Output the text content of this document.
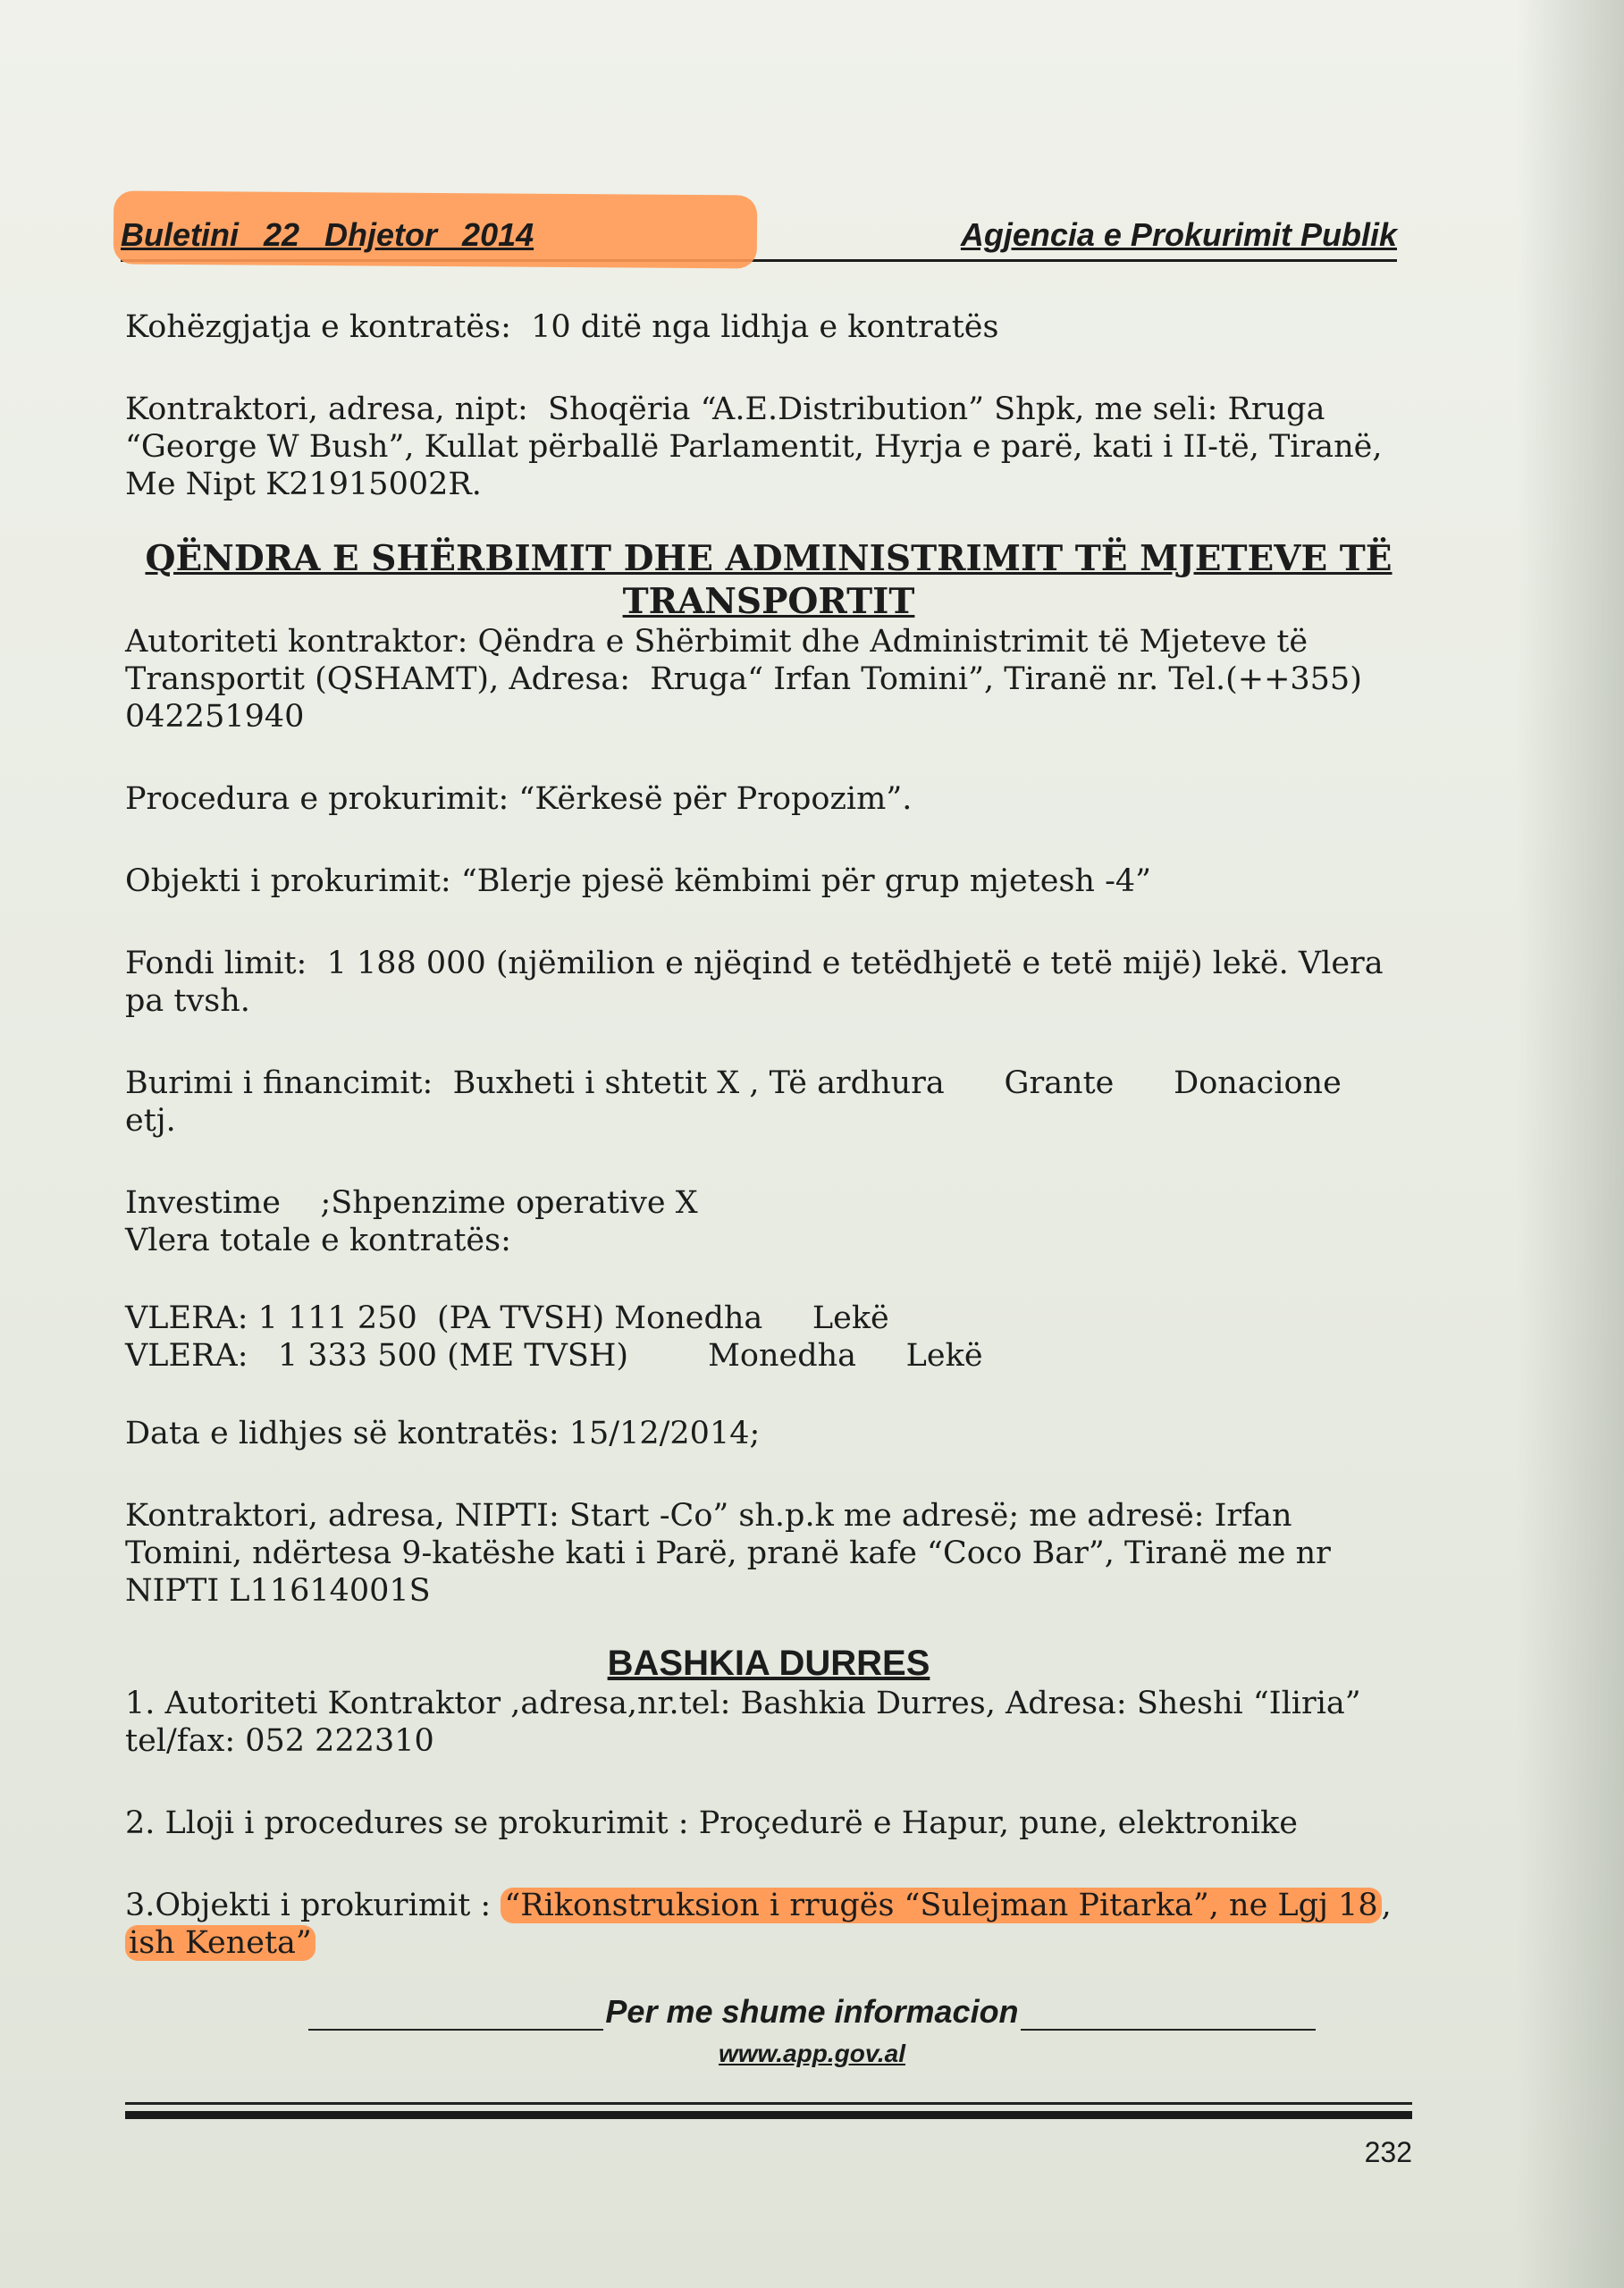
Buletini 22 Dhjetor 2014	Agjencia e Prokurimit Publik

Kohëzgjatja e kontratës:  10 ditë nga lidhja e kontratës

Kontraktori, adresa, nipt:  Shoqëria “A.E.Distribution” Shpk, me seli: Rruga

“George W Bush”, Kullat përballë Parlamentit, Hyrja e parë, kati i II-të, Tiranë,

Me Nipt K21915002R.

QËNDRA E SHËRBIMIT DHE ADMINISTRIMIT TË MJETEVE TË

TRANSPORTIT

Autoriteti kontraktor: Qëndra e Shërbimit dhe Administrimit të Mjeteve të

Transportit (QSHAMT), Adresa:  Rruga“ Irfan Tomini”, Tiranë nr. Tel.(++355)

042251940

Procedura e prokurimit: “Kërkesë për Propozim”.

Objekti i prokurimit: “Blerje pjesë këmbimi për grup mjetesh -4”

Fondi limit:  1 188 000 (njëmilion e njëqind e tetëdhjetë e tetë mijë) lekë. Vlera

pa tvsh.

Burimi i financimit:  Buxheti i shtetit X , Të ardhura      Grante      Donacione

etj.

Investime    ;Shpenzime operative X

Vlera totale e kontratës:

VLERA: 1 111 250  (PA TVSH) Monedha     Lekë

VLERA:   1 333 500 (ME TVSH)        Monedha     Lekë

Data e lidhjes së kontratës: 15/12/2014;

Kontraktori, adresa, NIPTI: Start -Co” sh.p.k me adresë; me adresë: Irfan

Tomini, ndërtesa 9-katëshe kati i Parë, pranë kafe “Coco Bar”, Tiranë me nr

NIPTI L11614001S

BASHKIA DURRES

1. Autoriteti Kontraktor ,adresa,nr.tel: Bashkia Durres, Adresa: Sheshi “Iliria”

tel/fax: 052 222310

2. Lloji i procedures se prokurimit : Proçedurë e Hapur, pune, elektronike

3.Objekti i prokurimit : “Rikonstruksion i rrugës “Sulejman Pitarka”, ne Lgj 18 ,

ish Keneta”

Per me shume informacion
www.app.gov.al
232
